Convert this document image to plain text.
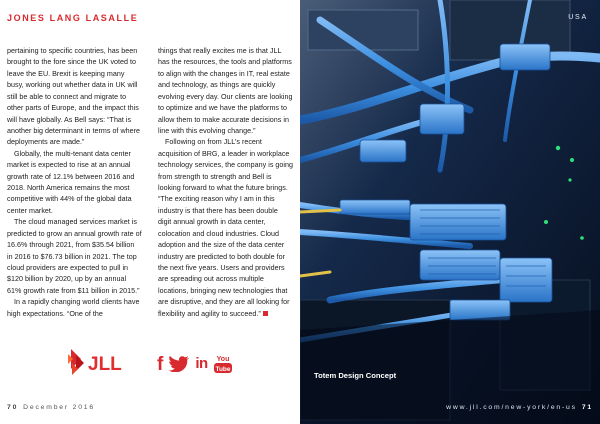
JONES LANG LASALLE

pertaining to specific countries, has been brought to the fore since the UK voted to leave the EU. Brexit is keeping many busy, working out whether data in UK will still be able to connect and migrate to other parts of Europe, and the impact this will have globally. As Bell says: “That is another big determinant in terms of where deployments are made.”

Globally, the multi-tenant data center market is expected to rise at an annual growth rate of 12.1% between 2016 and 2018. North America remains the most competitive with 44% of the global data center market.

The cloud managed services market is predicted to grow an annual growth rate of 16.6% through 2021, from $35.54 billion in 2016 to $76.73 billion in 2021. The top cloud providers are expected to pull in $120 billion by 2020, up by an annual 61% growth rate from $11 billion in 2015.”

In a rapidly changing world clients have high expectations. “One of the

things that really excites me is that JLL has the resources, the tools and platforms to align with the changes in IT, real estate and technology, as things are quickly evolving every day. Our clients are looking to optimize and we have the platforms to allow them to make accurate decisions in line with this evolving change.”

Following on from JLL’s recent acquisition of BRG, a leader in workplace technology services, the company is going from strength to strength and Bell is looking forward to what the future brings. “The exciting reason why I am in this industry is that there has been double digit annual growth in data center, colocation and cloud industries. Cloud adoption and the size of the data center industry are predicted to both double for the next five years. Users and providers are spreading out across multiple locations, bringing new technologies that are disruptive, and they are all looking for flexibility and agility to succeed.”

JLL f in You
Tube
70 December 2016
USA
Totem Design Concept
www.jll.com/new-york/en-us 71
